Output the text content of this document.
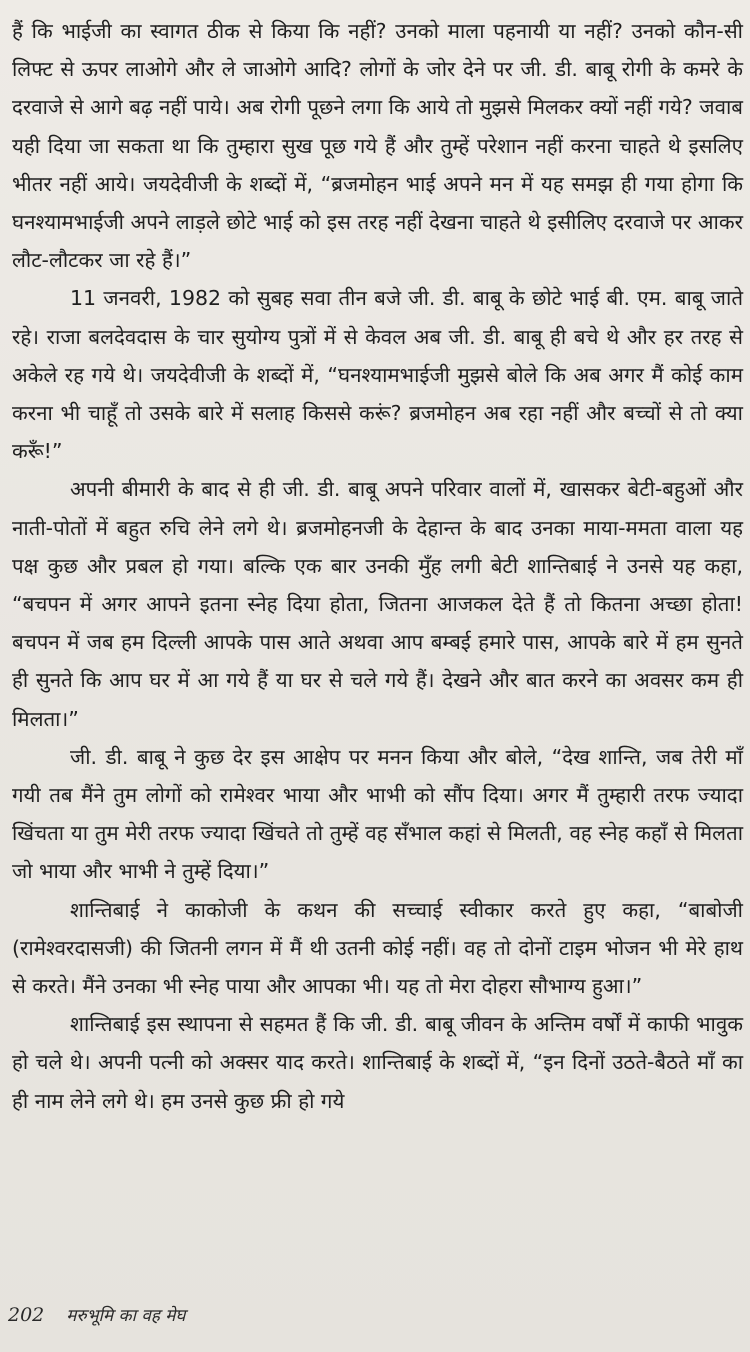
हैं कि भाईजी का स्वागत ठीक से किया कि नहीं? उनको माला पहनायी या नहीं? उनको कौन-सी लिफ्ट से ऊपर लाओगे और ले जाओगे आदि? लोगों के जोर देने पर जी. डी. बाबू रोगी के कमरे के दरवाजे से आगे बढ़ नहीं पाये। अब रोगी पूछने लगा कि आये तो मुझसे मिलकर क्यों नहीं गये? जवाब यही दिया जा सकता था कि तुम्हारा सुख पूछ गये हैं और तुम्हें परेशान नहीं करना चाहते थे इसलिए भीतर नहीं आये। जयदेवीजी के शब्दों में, “ब्रजमोहन भाई अपने मन में यह समझ ही गया होगा कि घनश्यामभाईजी अपने लाड़ले छोटे भाई को इस तरह नहीं देखना चाहते थे इसीलिए दरवाजे पर आकर लौट-लौटकर जा रहे हैं।”

11 जनवरी, 1982 को सुबह सवा तीन बजे जी. डी. बाबू के छोटे भाई बी. एम. बाबू जाते रहे। राजा बलदेवदास के चार सुयोग्य पुत्रों में से केवल अब जी. डी. बाबू ही बचे थे और हर तरह से अकेले रह गये थे। जयदेवीजी के शब्दों में, “घनश्यामभाईजी मुझसे बोले कि अब अगर मैं कोई काम करना भी चाहूँ तो उसके बारे में सलाह किससे करूं? ब्रजमोहन अब रहा नहीं और बच्चों से तो क्या करूँ!”

अपनी बीमारी के बाद से ही जी. डी. बाबू अपने परिवार वालों में, खासकर बेटी-बहुओं और नाती-पोतों में बहुत रुचि लेने लगे थे। ब्रजमोहनजी के देहान्त के बाद उनका माया-ममता वाला यह पक्ष कुछ और प्रबल हो गया। बल्कि एक बार उनकी मुँह लगी बेटी शान्तिबाई ने उनसे यह कहा, “बचपन में अगर आपने इतना स्नेह दिया होता, जितना आजकल देते हैं तो कितना अच्छा होता! बचपन में जब हम दिल्ली आपके पास आते अथवा आप बम्बई हमारे पास, आपके बारे में हम सुनते ही सुनते कि आप घर में आ गये हैं या घर से चले गये हैं। देखने और बात करने का अवसर कम ही मिलता।”

जी. डी. बाबू ने कुछ देर इस आक्षेप पर मनन किया और बोले, “देख शान्ति, जब तेरी माँ गयी तब मैंने तुम लोगों को रामेश्वर भाया और भाभी को सौंप दिया। अगर मैं तुम्हारी तरफ ज्यादा खिंचता या तुम मेरी तरफ ज्यादा खिंचते तो तुम्हें वह सँभाल कहां से मिलती, वह स्नेह कहाँ से मिलता जो भाया और भाभी ने तुम्हें दिया।”

शान्तिबाई ने काकोजी के कथन की सच्चाई स्वीकार करते हुए कहा, “बाबोजी (रामेश्वरदासजी) की जितनी लगन में मैं थी उतनी कोई नहीं। वह तो दोनों टाइम भोजन भी मेरे हाथ से करते। मैंने उनका भी स्नेह पाया और आपका भी। यह तो मेरा दोहरा सौभाग्य हुआ।”

शान्तिबाई इस स्थापना से सहमत हैं कि जी. डी. बाबू जीवन के अन्तिम वर्षों में काफी भावुक हो चले थे। अपनी पत्नी को अक्सर याद करते। शान्तिबाई के शब्दों में, “इन दिनों उठते-बैठते माँ का ही नाम लेने लगे थे। हम उनसे कुछ फ्री हो गये

202 मरुभूमि का वह मेघ
